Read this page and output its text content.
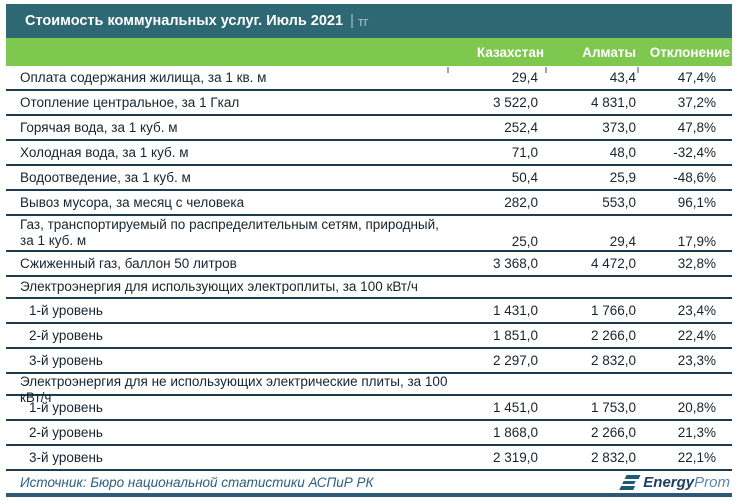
Стоимость коммунальных услуг. Июль 2021 | тг
Казахстан	Алматы	Отклонение
Оплата содержания жилища, за 1 кв. м	29,4	43,4	47,4%
Отопление центральное, за 1 Гкал	3 522,0	4 831,0	37,2%
Горячая вода, за 1 куб. м	252,4	373,0	47,8%
Холодная вода, за 1 куб. м	71,0	48,0	-32,4%
Водоотведение, за 1 куб. м	50,4	25,9	-48,6%
Вывоз мусора, за месяц с человека	282,0	553,0	96,1%
Газ, транспортируемый по распределительным сетям, природный,
за 1 куб. м	25,0	29,4	17,9%
Сжиженный газ, баллон 50 литров	3 368,0	4 472,0	32,8%
Электроэнергия для использующих электроплиты, за 100 кВт/ч
1-й уровень	1 431,0	1 766,0	23,4%
2-й уровень	1 851,0	2 266,0	22,4%
3-й уровень	2 297,0	2 832,0	23,3%
Электроэнергия для не использующих электрические плиты, за 100 кВт/ч
1-й уровень	1 451,0	1 753,0	20,8%
2-й уровень	1 868,0	2 266,0	21,3%
3-й уровень	2 319,0	2 832,0	22,1%
Источник: Бюро национальной статистики АСПиР РК	EnergyProm
